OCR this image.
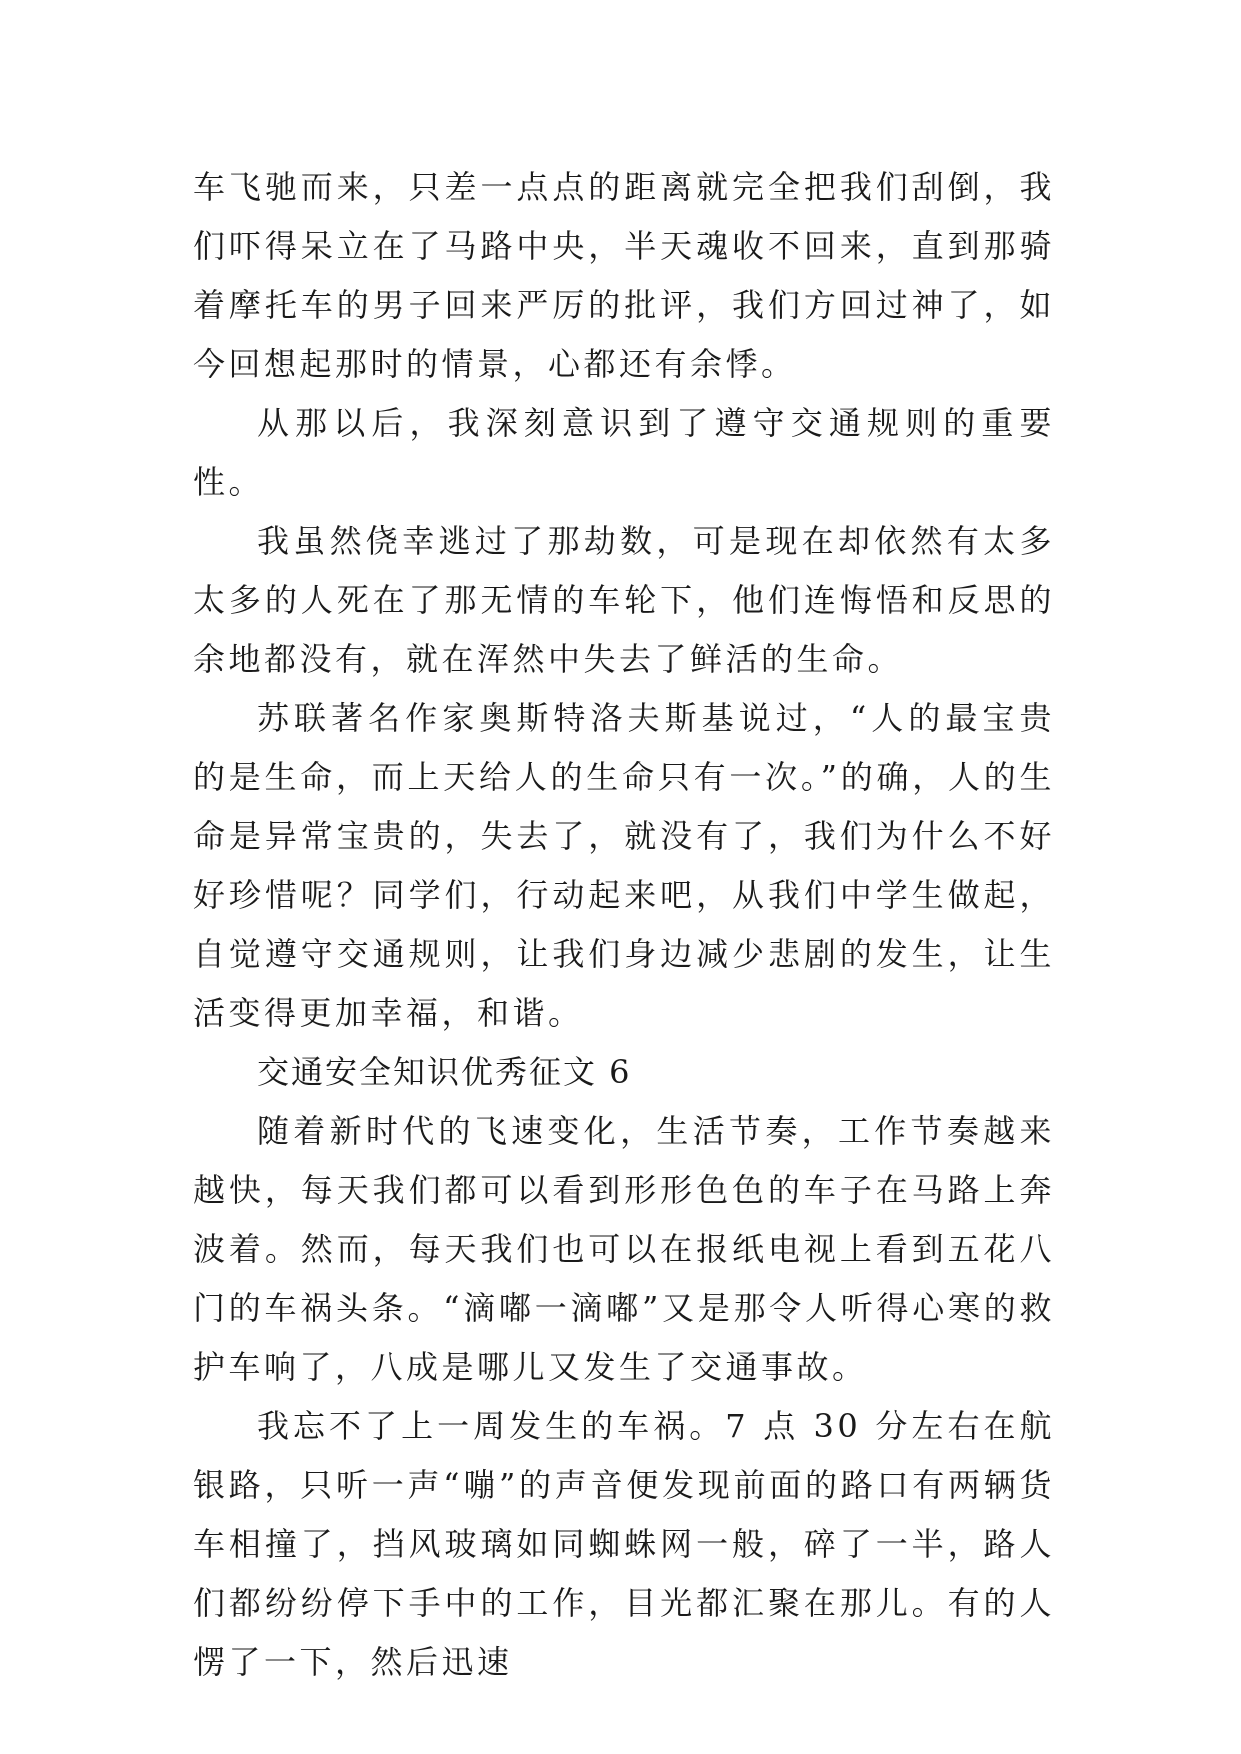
车飞驰而来，只差一点点的距离就完全把我们刮倒，我们吓得呆立在了马路中央，半天魂收不回来，直到那骑着摩托车的男子回来严厉的批评，我们方回过神了，如今回想起那时的情景，心都还有余悸。

从那以后，我深刻意识到了遵守交通规则的重要性。

我虽然侥幸逃过了那劫数，可是现在却依然有太多太多的人死在了那无情的车轮下，他们连悔悟和反思的余地都没有，就在浑然中失去了鲜活的生命。

苏联著名作家奥斯特洛夫斯基说过，“人的最宝贵的是生命，而上天给人的生命只有一次。”的确，人的生命是异常宝贵的，失去了，就没有了，我们为什么不好好珍惜呢？同学们，行动起来吧，从我们中学生做起，自觉遵守交通规则，让我们身边减少悲剧的发生，让生活变得更加幸福，和谐。

交通安全知识优秀征文 6

随着新时代的飞速变化，生活节奏，工作节奏越来越快，每天我们都可以看到形形色色的车子在马路上奔波着。然而，每天我们也可以在报纸电视上看到五花八门的车祸头条。“滴嘟一滴嘟”又是那令人听得心寒的救护车响了，八成是哪儿又发生了交通事故。

我忘不了上一周发生的车祸。7 点 30 分左右在航银路，只听一声“嘣”的声音便发现前面的路口有两辆货车相撞了，挡风玻璃如同蜘蛛网一般，碎了一半，路人们都纷纷停下手中的工作，目光都汇聚在那儿。有的人愣了一下，然后迅速
